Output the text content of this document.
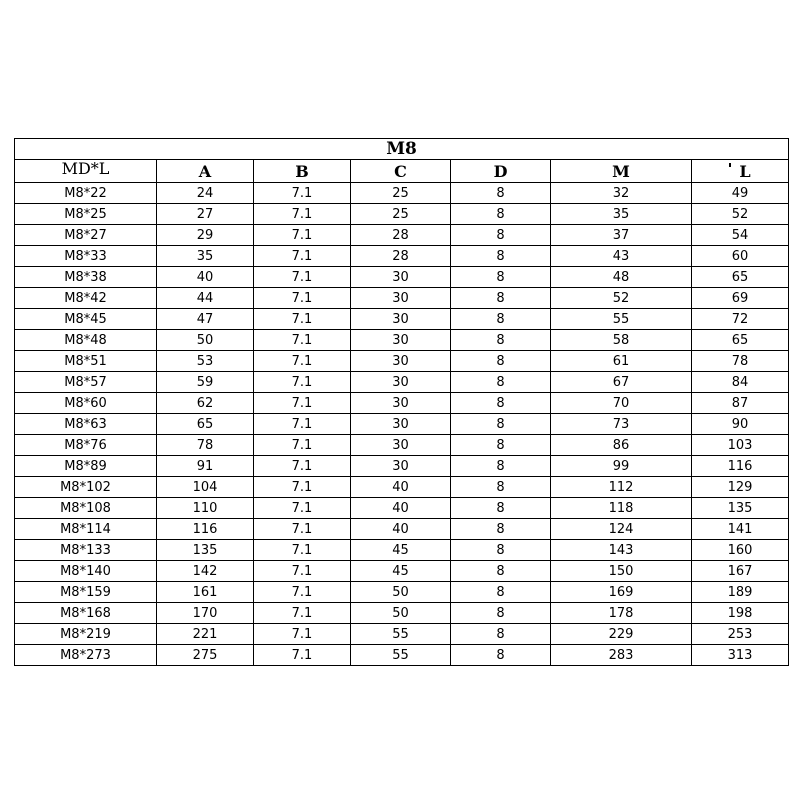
M8						
MD*L	A	B	C	D	M	L
M8*22	24	7.1	25	8	32	49
M8*25	27	7.1	25	8	35	52
M8*27	29	7.1	28	8	37	54
M8*33	35	7.1	28	8	43	60
M8*38	40	7.1	30	8	48	65
M8*42	44	7.1	30	8	52	69
M8*45	47	7.1	30	8	55	72
M8*48	50	7.1	30	8	58	65
M8*51	53	7.1	30	8	61	78
M8*57	59	7.1	30	8	67	84
M8*60	62	7.1	30	8	70	87
M8*63	65	7.1	30	8	73	90
M8*76	78	7.1	30	8	86	103
M8*89	91	7.1	30	8	99	116
M8*102	104	7.1	40	8	112	129
M8*108	110	7.1	40	8	118	135
M8*114	116	7.1	40	8	124	141
M8*133	135	7.1	45	8	143	160
M8*140	142	7.1	45	8	150	167
M8*159	161	7.1	50	8	169	189
M8*168	170	7.1	50	8	178	198
M8*219	221	7.1	55	8	229	253
M8*273	275	7.1	55	8	283	313
